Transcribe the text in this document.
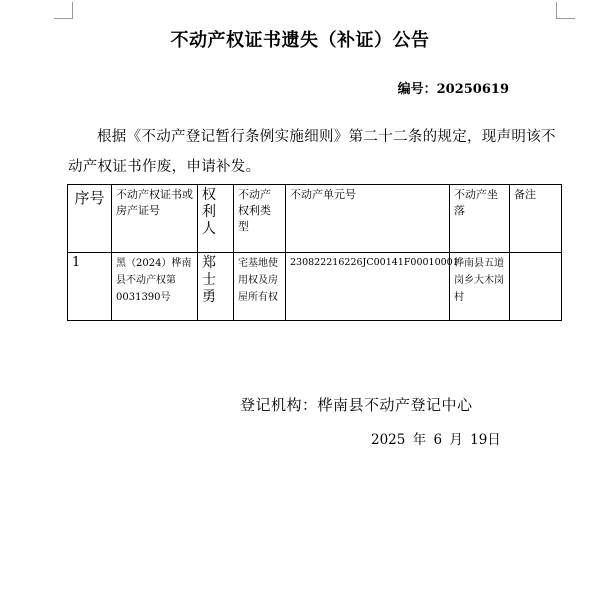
不动产权证书遗失（补证）公告
编号：20250619
根据《不动产登记暂行条例实施细则》第二十二条的规定，现声明该不动产权证书作废，申请补发。
序号	不动产权证书或房产证号	权利人	不动产权利类型	不动产单元号	不动产坐落	备注
1	黑（2024）桦南县不动产权第0031390号	郑士勇	宅基地使用权及房屋所有权	230822216226JC00141F00010001	桦南县五道岗乡大木岗村	
登记机构：桦南县不动产登记中心
2025 年 6 月 19日
